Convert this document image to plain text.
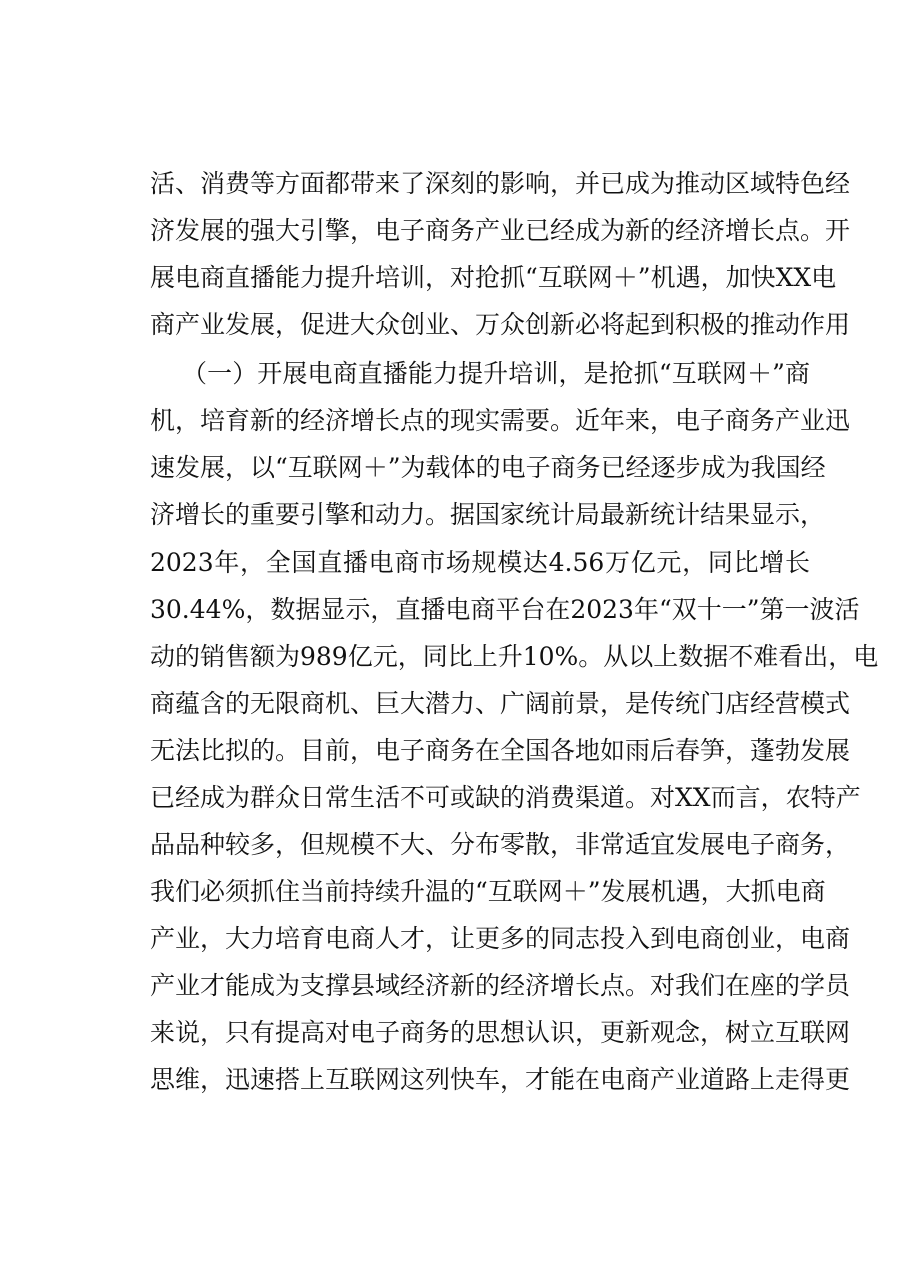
活、消费等方面都带来了深刻的影响，并已成为推动区域特色经
济发展的强大引擎，电子商务产业已经成为新的经济增长点。开
展电商直播能力提升培训，对抢抓“互联网＋”机遇，加快XX电
商产业发展，促进大众创业、万众创新必将起到积极的推动作用
（一）开展电商直播能力提升培训，是抢抓“互联网＋”商
机，培育新的经济增长点的现实需要。近年来，电子商务产业迅
速发展，以“互联网＋”为载体的电子商务已经逐步成为我国经
济增长的重要引擎和动力。据国家统计局最新统计结果显示，
2023年，全国直播电商市场规模达4.56万亿元，同比增长
30.44%，数据显示，直播电商平台在2023年“双十一”第一波活
动的销售额为989亿元，同比上升10%。从以上数据不难看出，电
商蕴含的无限商机、巨大潜力、广阔前景，是传统门店经营模式
无法比拟的。目前，电子商务在全国各地如雨后春笋，蓬勃发展
已经成为群众日常生活不可或缺的消费渠道。对XX而言，农特产
品品种较多，但规模不大、分布零散，非常适宜发展电子商务，
我们必须抓住当前持续升温的“互联网＋”发展机遇，大抓电商
产业，大力培育电商人才，让更多的同志投入到电商创业，电商
产业才能成为支撑县域经济新的经济增长点。对我们在座的学员
来说，只有提高对电子商务的思想认识，更新观念，树立互联网
思维，迅速搭上互联网这列快车，才能在电商产业道路上走得更
